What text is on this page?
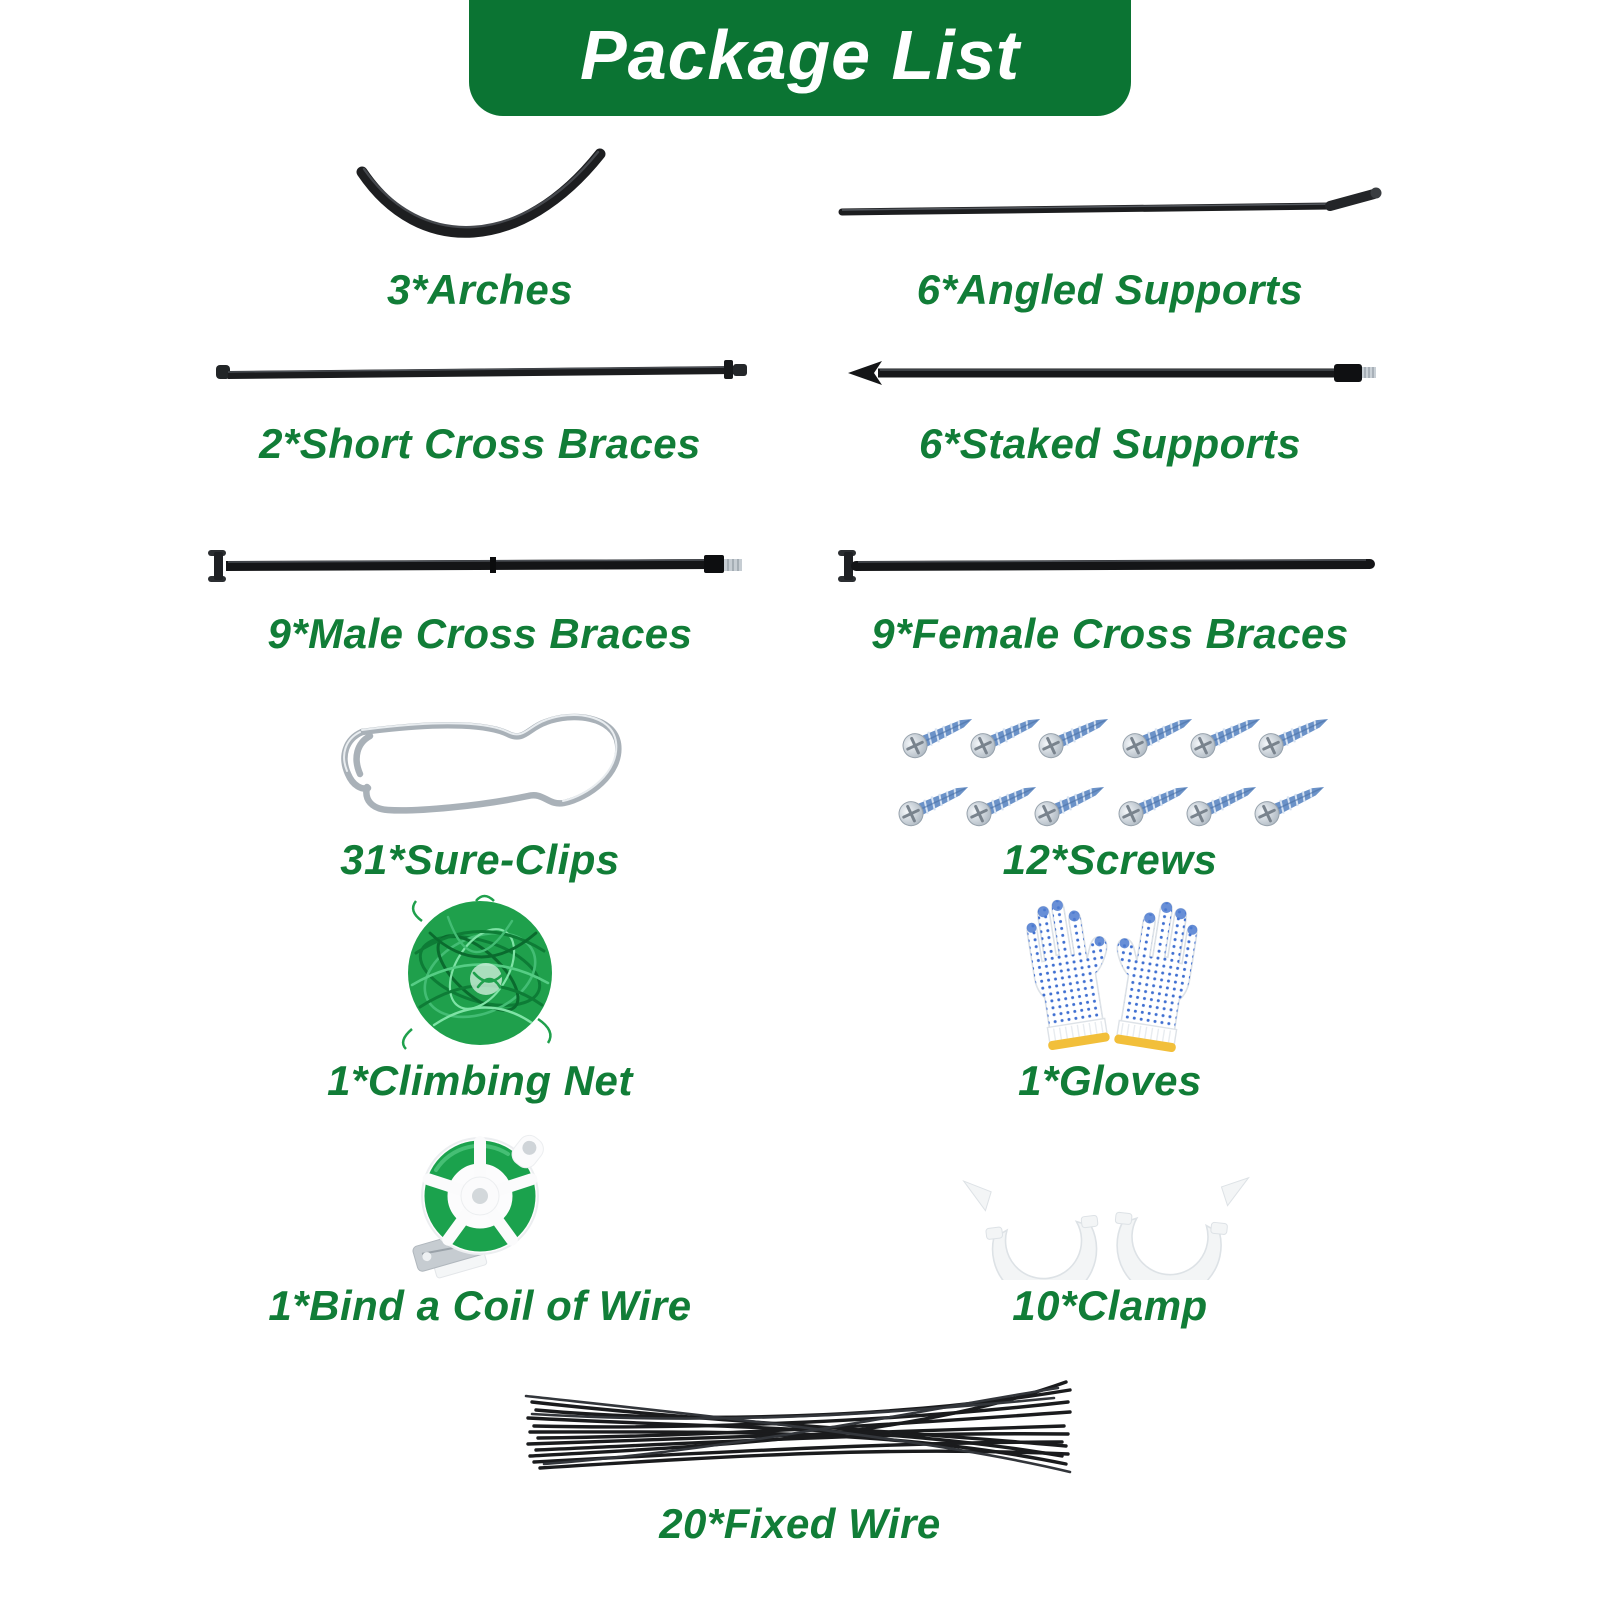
Package List
3*Arches	6*Angled Supports
2*Short Cross Braces	6*Staked Supports
9*Male Cross Braces	9*Female Cross Braces
31*Sure-Clips	12*Screws
1*Climbing Net	1*Gloves
1*Bind a Coil of Wire	10*Clamp
20*Fixed Wire
